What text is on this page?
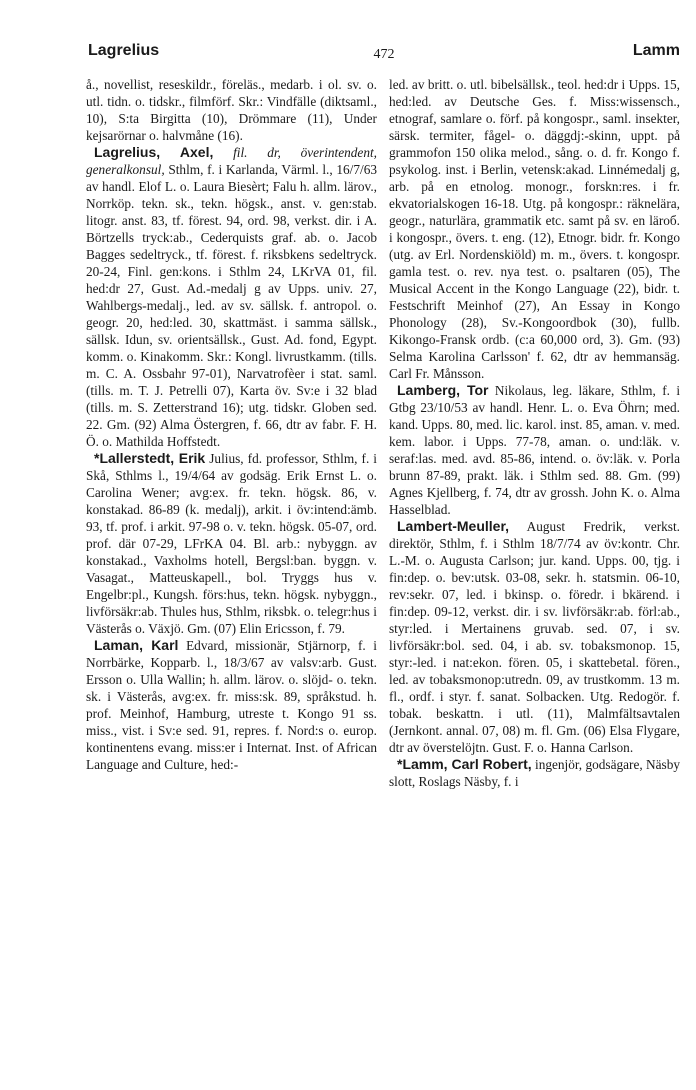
Lagrelius	472	Lamm

å., novellist, reseskildr., föreläs., medarb. i ol. sv. o. utl. tidn. o. tidskr., filmförf. Skr.: Vindfälle (diktsaml., 10), S:ta Birgitta (10), Drömmare (11), Under kejsarörnar o. halvmåne (16).

Lagrelius, Axel, fil. dr, överintendent, generalkonsul, Sthlm, f. i Karlanda, Värml. l., 16/7/63 av handl. Elof L. o. Laura Biesèrt; Falu h. allm. lärov., Norrköp. tekn. sk., tekn. högsk., anst. v. gen:stab. litogr. anst. 83, tf. förest. 94, ord. 98, verkst. dir. i A. Börtzells tryck:ab., Cederquists graf. ab. o. Jacob Bagges sedeltryck., tf. förest. f. riksbkens sedeltryck. 20-24, Finl. gen:kons. i Sthlm 24, LKrVA 01, fil. hed:dr 27, Gust. Ad.-medalj g av Upps. univ. 27, Wahlbergs-medalj., led. av sv. sällsk. f. antropol. o. geogr. 20, hed:led. 30, skattmäst. i samma sällsk., sällsk. Idun, sv. orientsällsk., Gust. Ad. fond, Egypt. komm. o. Kinakomm. Skr.: Kongl. livrustkamm. (tills. m. C. A. Ossbahr 97-01), Narvatrofèer i stat. saml. (tills. m. T. J. Petrelli 07), Karta öv. Sv:e i 32 blad (tills. m. S. Zetterstrand 16); utg. tidskr. Globen sed. 22. Gm. (92) Alma Östergren, f. 66, dtr av fabr. F. H. Ö. o. Mathilda Hoffstedt.

*Lallerstedt, Erik Julius, fd. professor, Sthlm, f. i Skå, Sthlms l., 19/4/64 av godsäg. Erik Ernst L. o. Carolina Wener; avg:ex. fr. tekn. högsk. 86, v. konstakad. 86-89 (k. medalj), arkit. i öv:intend:ämb. 93, tf. prof. i arkit. 97-98 o. v. tekn. högsk. 05-07, ord. prof. där 07-29, LFrKA 04. Bl. arb.: nybyggn. av konstakad., Vaxholms hotell, Bergsl:ban. byggn. v. Vasagat., Matteuskapell., bol. Tryggs hus v. Engelbr:pl., Kungsh. förs:hus, tekn. högsk. nybyggn., livförsäkr:ab. Thules hus, Sthlm, riksbk. o. telegr:hus i Västerås o. Växjö. Gm. (07) Elin Ericsson, f. 79.

Laman, Karl Edvard, missionär, Stjärnorp, f. i Norrbärke, Kopparb. l., 18/3/67 av valsv:arb. Gust. Ersson o. Ulla Wallin; h. allm. lärov. o. slöjd- o. tekn. sk. i Västerås, avg:ex. fr. miss:sk. 89, språkstud. h. prof. Meinhof, Hamburg, utreste t. Kongo 91 ss. miss., vist. i Sv:e sed. 91, repres. f. Nord:s o. europ. kontinentens evang. miss:er i Internat. Inst. of African Language and Culture, hed:-

led. av britt. o. utl. bibelsällsk., teol. hed:dr i Upps. 15, hed:led. av Deutsche Ges. f. Miss:wissensch., etnograf, samlare o. förf. på kongospr., saml. insekter, särsk. termiter, fågel- o. däggdj:-skinn, uppt. på grammofon 150 olika melod., sång. o. d. fr. Kongo f. psykolog. inst. i Berlin, vetensk:akad. Linnémedalj g, arb. på en etnolog. monogr., forskn:res. i fr. ekvatorialskogen 16-18. Utg. på kongospr.: räknelära, geogr., naturlära, grammatik etc. samt på sv. en läroб. i kongospr., övers. t. eng. (12), Etnogr. bidr. fr. Kongo (utg. av Erl. Nordenskiöld) m. m., övers. t. kongospr. gamla test. o. rev. nya test. o. psaltaren (05), The Musical Accent in the Kongo Language (22), bidr. t. Festschrift Meinhof (27), An Essay in Kongo Phonology (28), Sv.-Kongoordbok (30), fullb. Kikongo-Fransk ordb. (c:a 60,000 ord, 3). Gm. (93) Selma Karolina Carlsson' f. 62, dtr av hemmansäg. Carl Fr. Månsson.

Lamberg, Tor Nikolaus, leg. läkare, Sthlm, f. i Gtbg 23/10/53 av handl. Henr. L. o. Eva Öhrn; med. kand. Upps. 80, med. lic. karol. inst. 85, aman. v. med. kem. labor. i Upps. 77-78, aman. o. und:läk. v. seraf:las. med. avd. 85-86, intend. o. öv:läk. v. Porla brunn 87-89, prakt. läk. i Sthlm sed. 88. Gm. (99) Agnes Kjellberg, f. 74, dtr av grossh. John K. o. Alma Hasselblad.

Lambert-Meuller, August Fredrik, verkst. direktör, Sthlm, f. i Sthlm 18/7/74 av öv:kontr. Chr. L.-M. o. Augusta Carlson; jur. kand. Upps. 00, tjg. i fin:dep. o. bev:utsk. 03-08, sekr. h. statsmin. 06-10, rev:sekr. 07, led. i bkinsp. o. föredr. i bkärend. i fin:dep. 09-12, verkst. dir. i sv. livförsäkr:ab. förl:ab., styr:led. i Mertainens gruvab. sed. 07, i sv. livförsäkr:bol. sed. 04, i ab. sv. tobaksmonop. 15, styr:-led. i nat:ekon. fören. 05, i skattebetal. fören., led. av tobaksmonop:utredn. 09, av trustkomm. 13 m. fl., ordf. i styr. f. sanat. Solbacken. Utg. Redogör. f. tobak. beskattn. i utl. (11), Malmfältsavtalen (Jernkont. annal. 07, 08) m. fl. Gm. (06) Elsa Flygare, dtr av överstelöjtn. Gust. F. o. Hanna Carlson.

*Lamm, Carl Robert, ingenjör, godsägare, Näsby slott, Roslags Näsby, f. i
